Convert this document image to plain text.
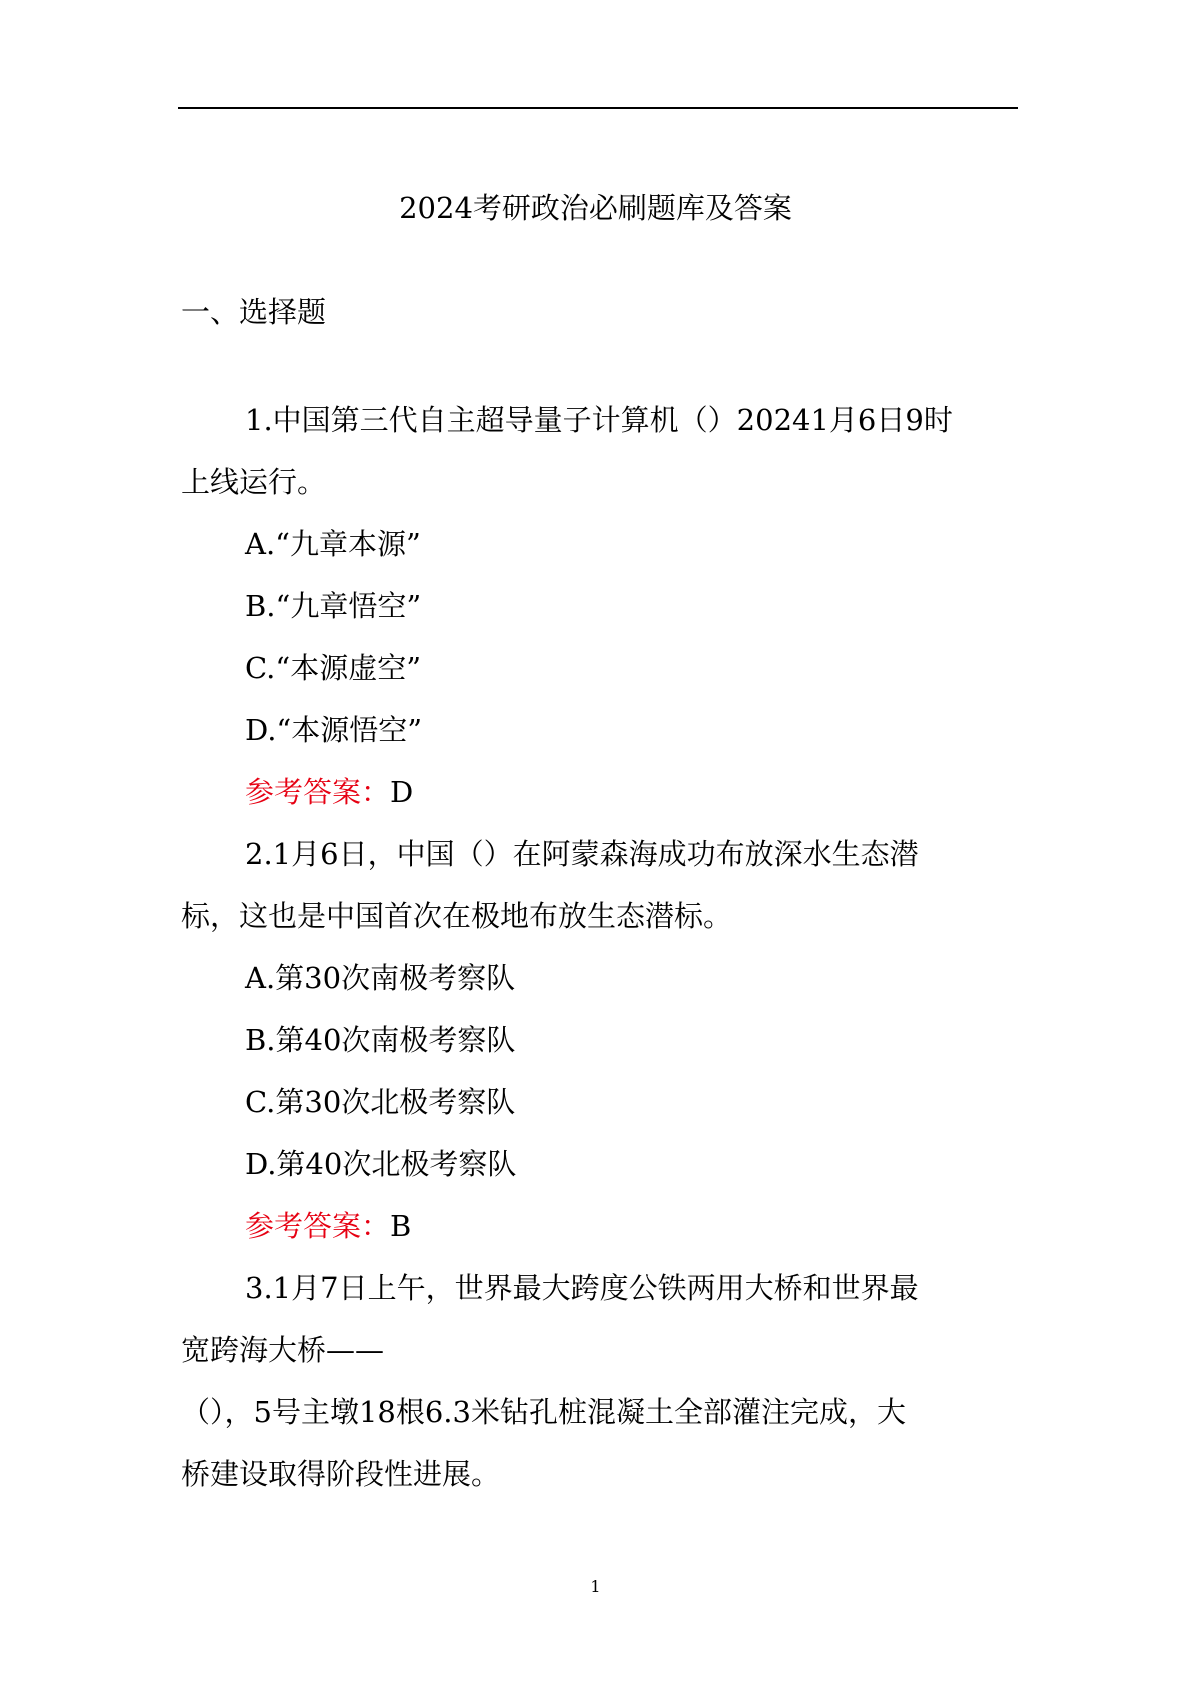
2024考研政治必刷题库及答案
一、选择题
1.中国第三代自主超导量子计算机（）20241月6日9时
上线运行。
A.“九章本源”
B.“九章悟空”
C.“本源虚空”
D.“本源悟空”
参考答案：D
2.1月6日，中国（）在阿蒙森海成功布放深水生态潜
标，这也是中国首次在极地布放生态潜标。
A.第30次南极考察队
B.第40次南极考察队
C.第30次北极考察队
D.第40次北极考察队
参考答案：B
3.1月7日上午，世界最大跨度公铁两用大桥和世界最
宽跨海大桥——
（），5号主墩18根6.3米钻孔桩混凝土全部灌注完成，大
桥建设取得阶段性进展。
1
